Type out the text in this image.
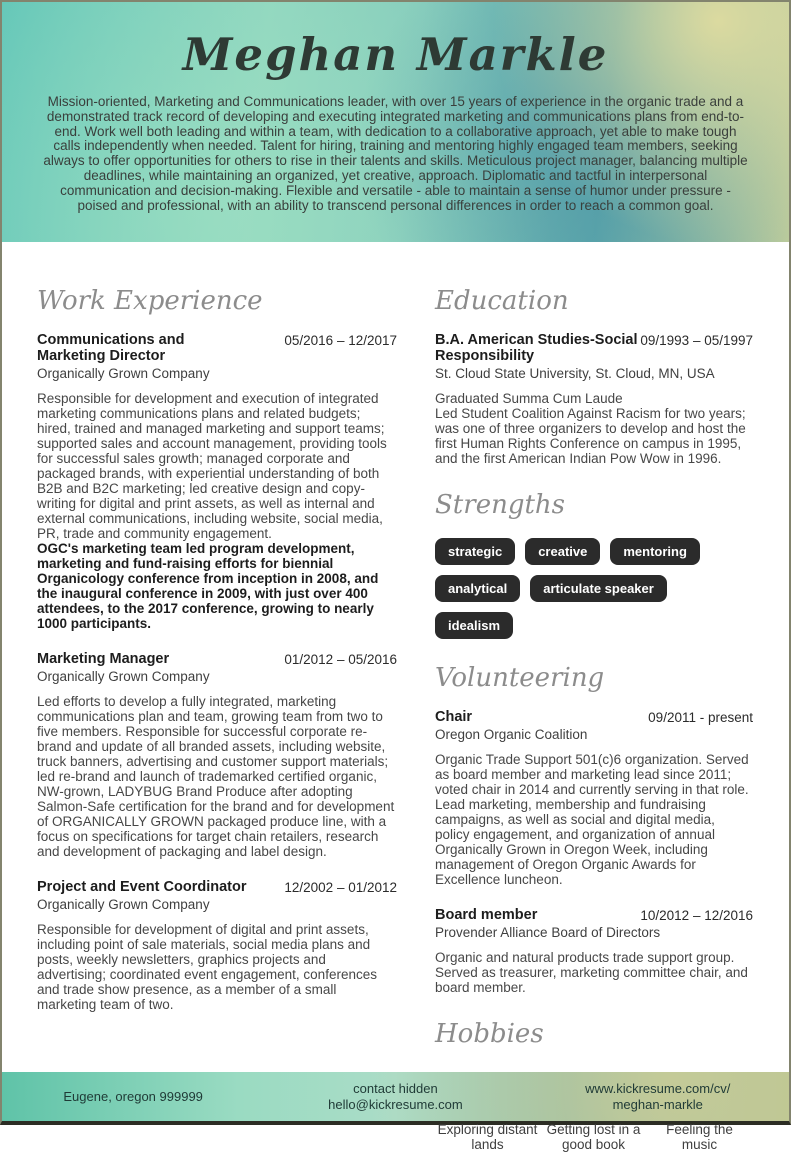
Meghan Markle
Mission-oriented, Marketing and Communications leader, with over 15 years of experience in the organic trade and a demonstrated track record of developing and executing integrated marketing and communications plans from end-to-end. Work well both leading and within a team, with dedication to a collaborative approach, yet able to make tough calls independently when needed. Talent for hiring, training and mentoring highly engaged team members, seeking always to offer opportunities for others to rise in their talents and skills. Meticulous project manager, balancing multiple deadlines, while maintaining an organized, yet creative, approach. Diplomatic and tactful in interpersonal communication and decision-making. Flexible and versatile - able to maintain a sense of humor under pressure - poised and professional, with an ability to transcend personal differences in order to reach a common goal.
Work Experience
Communications and Marketing Director
05/2016 – 12/2017
Organically Grown Company
Responsible for development and execution of integrated marketing communications plans and related budgets; hired, trained and managed marketing and support teams; supported sales and account management, providing tools for successful sales growth; managed corporate and packaged brands, with experiential understanding of both B2B and B2C marketing; led creative design and copy-writing for digital and print assets, as well as internal and external communications, including website, social media, PR, trade and community engagement.
OGC's marketing team led program development, marketing and fund-raising efforts for biennial Organicology conference from inception in 2008, and the inaugural conference in 2009, with just over 400 attendees, to the 2017 conference, growing to nearly 1000 participants.
Marketing Manager	01/2012 – 05/2016
Organically Grown Company
Led efforts to develop a fully integrated, marketing communications plan and team, growing team from two to five members. Responsible for successful corporate re-brand and update of all branded assets, including website, truck banners, advertising and customer support materials; led re-brand and launch of trademarked certified organic, NW-grown, LADYBUG Brand Produce after adopting Salmon-Safe certification for the brand and for development of ORGANICALLY GROWN packaged produce line, with a focus on specifications for target chain retailers, research and development of packaging and label design.
Project and Event Coordinator	12/2002 – 01/2012
Organically Grown Company
Responsible for development of digital and print assets, including point of sale materials, social media plans and posts, weekly newsletters, graphics projects and advertising; coordinated event engagement, conferences and trade show presence, as a member of a small marketing team of two.
Education
B.A. American Studies-Social Responsibility
09/1993 – 05/1997
St. Cloud State University, St. Cloud, MN, USA
Graduated Summa Cum Laude
Led Student Coalition Against Racism for two years; was one of three organizers to develop and host the first Human Rights Conference on campus in 1995, and the first American Indian Pow Wow in 1996.
Strengths
strategic	creative	mentoring
analytical	articulate speaker
idealism
Volunteering
Chair	09/2011 - present
Oregon Organic Coalition
Organic Trade Support 501(c)6 organization. Served as board member and marketing lead since 2011; voted chair in 2014 and currently serving in that role. Lead marketing, membership and fundraising campaigns, as well as social and digital media, policy engagement, and organization of annual Organically Grown in Oregon Week, including management of Oregon Organic Awards for Excellence luncheon.
Board member	10/2012 – 12/2016
Provender Alliance Board of Directors
Organic and natural products trade support group. Served as treasurer, marketing committee chair, and board member.
Hobbies
Exploring distant lands
Getting lost in a good book
Feeling the music
Eugene, oregon 999999
contact hidden
hello@kickresume.com
www.kickresume.com/cv/
meghan-markle
